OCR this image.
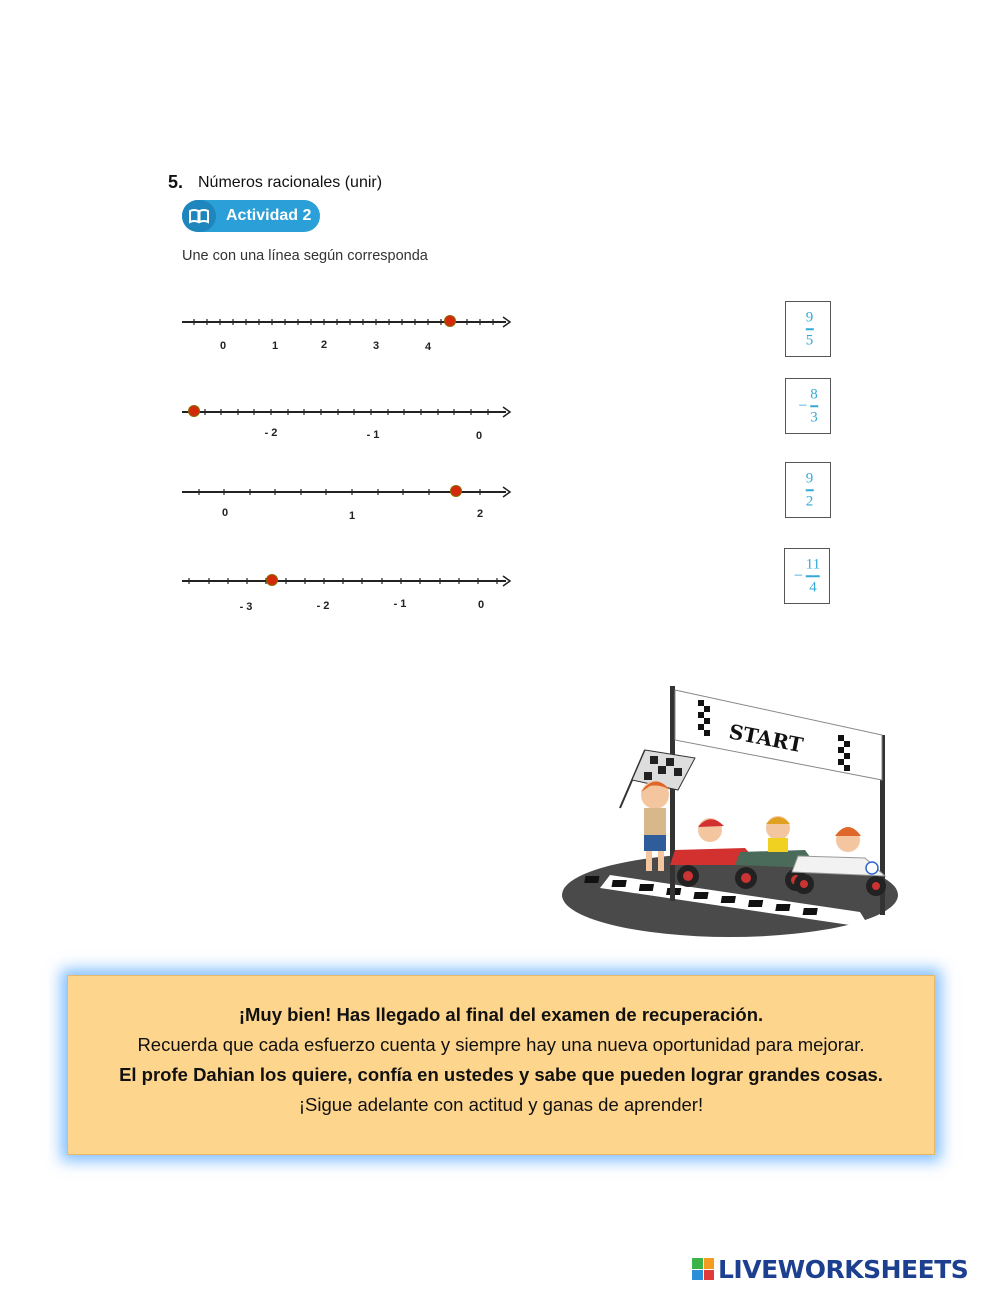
5. Números racionales (unir)
Actividad 2
Une con una línea según corresponda
0	1	2	3	4
- 2	- 1	0
0	1	2
- 3	- 2	- 1	0
9
5
−
8
3
9
2
−
11
4
START
¡Muy bien! Has llegado al final del examen de recuperación.
Recuerda que cada esfuerzo cuenta y siempre hay una nueva oportunidad para mejorar.
El profe Dahian los quiere, confía en ustedes y sabe que pueden lograr grandes cosas.
¡Sigue adelante con actitud y ganas de aprender!
LIVEWORKSHEETS
